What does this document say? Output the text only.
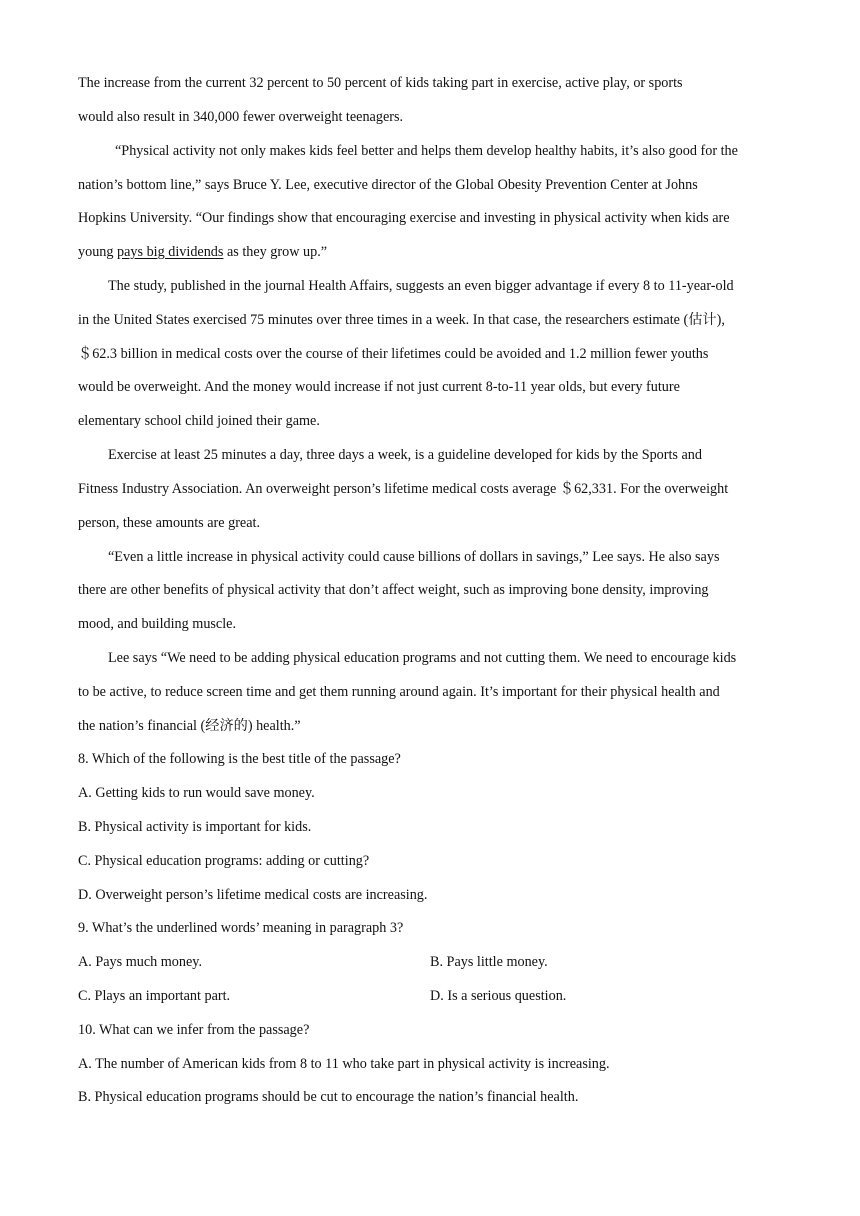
The increase from the current 32 percent to 50 percent of kids taking part in exercise, active play, or sports
would also result in 340,000 fewer overweight teenagers.
“Physical activity not only makes kids feel better and helps them develop healthy habits, it’s also good for the
nation’s bottom line,” says Bruce Y. Lee, executive director of the Global Obesity Prevention Center at Johns
Hopkins University. “Our findings show that encouraging exercise and investing in physical activity when kids are
young pays big dividends as they grow up.”
The study, published in the journal Health Affairs, suggests an even bigger advantage if every 8 to 11-year-old
in the United States exercised 75 minutes over three times in a week. In that case, the researchers estimate (估计),
＄62.3 billion in medical costs over the course of their lifetimes could be avoided and 1.2 million fewer youths
would be overweight. And the money would increase if not just current 8-to-11 year olds, but every future
elementary school child joined their game.
Exercise at least 25 minutes a day, three days a week, is a guideline developed for kids by the Sports and
Fitness Industry Association. An overweight person’s lifetime medical costs average ＄62,331. For the overweight
person, these amounts are great.
“Even a little increase in physical activity could cause billions of dollars in savings,” Lee says. He also says
there are other benefits of physical activity that don’t affect weight, such as improving bone density, improving
mood, and building muscle.
Lee says “We need to be adding physical education programs and not cutting them. We need to encourage kids
to be active, to reduce screen time and get them running around again. It’s important for their physical health and
the nation’s financial (经济的) health.”
8. Which of the following is the best title of the passage?
A. Getting kids to run would save money.
B. Physical activity is important for kids.
C. Physical education programs: adding or cutting?
D. Overweight person’s lifetime medical costs are increasing.
9. What’s the underlined words’ meaning in paragraph 3?
A. Pays much money.	B. Pays little money.
C. Plays an important part.	D. Is a serious question.
10. What can we infer from the passage?
A. The number of American kids from 8 to 11 who take part in physical activity is increasing.
B. Physical education programs should be cut to encourage the nation’s financial health.
